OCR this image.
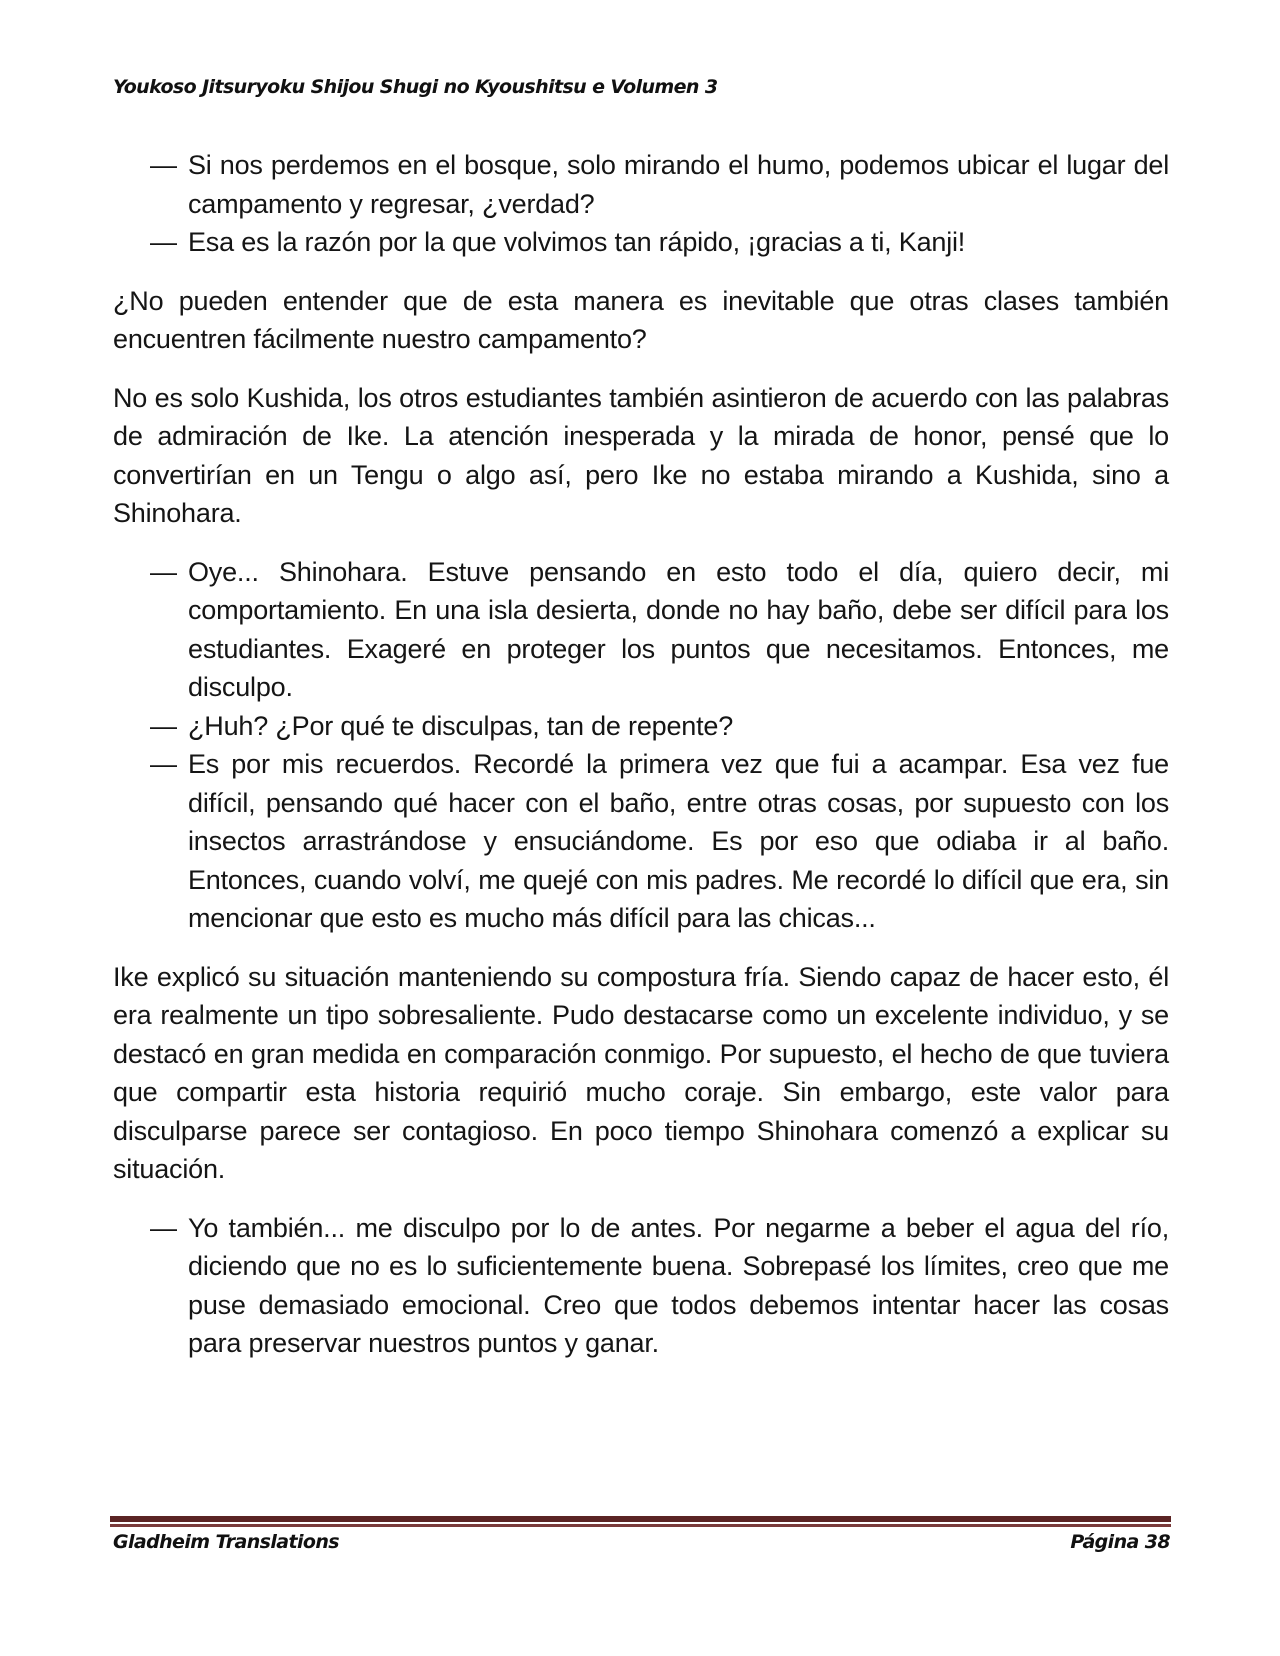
Youkoso Jitsuryoku Shijou Shugi no Kyoushitsu e Volumen 3
— Si nos perdemos en el bosque, solo mirando el humo, podemos ubicar el lugar del campamento y regresar, ¿verdad?
— Esa es la razón por la que volvimos tan rápido, ¡gracias a ti, Kanji!

¿No pueden entender que de esta manera es inevitable que otras clases también encuentren fácilmente nuestro campamento?

No es solo Kushida, los otros estudiantes también asintieron de acuerdo con las palabras de admiración de Ike. La atención inesperada y la mirada de honor, pensé que lo convertirían en un Tengu o algo así, pero Ike no estaba mirando a Kushida, sino a Shinohara.

— Oye... Shinohara. Estuve pensando en esto todo el día, quiero decir, mi comportamiento. En una isla desierta, donde no hay baño, debe ser difícil para los estudiantes. Exageré en proteger los puntos que necesitamos. Entonces, me disculpo.
— ¿Huh? ¿Por qué te disculpas, tan de repente?
— Es por mis recuerdos. Recordé la primera vez que fui a acampar. Esa vez fue difícil, pensando qué hacer con el baño, entre otras cosas, por supuesto con los insectos arrastrándose y ensuciándome. Es por eso que odiaba ir al baño. Entonces, cuando volví, me quejé con mis padres. Me recordé lo difícil que era, sin mencionar que esto es mucho más difícil para las chicas...

Ike explicó su situación manteniendo su compostura fría. Siendo capaz de hacer esto, él era realmente un tipo sobresaliente. Pudo destacarse como un excelente individuo, y se destacó en gran medida en comparación conmigo. Por supuesto, el hecho de que tuviera que compartir esta historia requirió mucho coraje. Sin embargo, este valor para disculparse parece ser contagioso. En poco tiempo Shinohara comenzó a explicar su situación.

— Yo también... me disculpo por lo de antes. Por negarme a beber el agua del río, diciendo que no es lo suficientemente buena. Sobrepasé los límites, creo que me puse demasiado emocional. Creo que todos debemos intentar hacer las cosas para preservar nuestros puntos y ganar.
Gladheim Translations	Página 38
